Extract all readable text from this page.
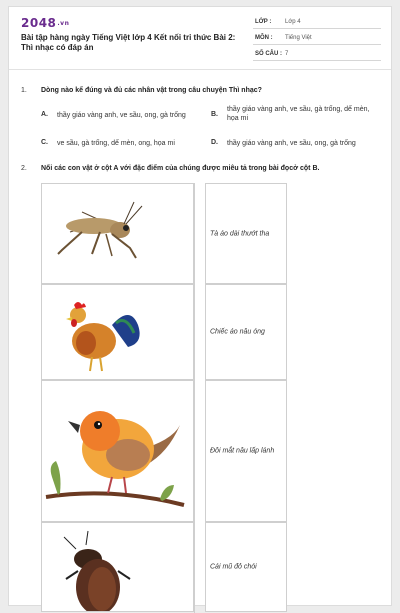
2048.vn
Bài tập hàng ngày Tiếng Việt lớp 4 Kết nối tri thức Bài 2: Thì nhạc có đáp án
LỚP : Lớp 4
MÔN : Tiếng Việt
SỐ CÂU : 7
1. Dòng nào kể đúng và đủ các nhân vật trong câu chuyện Thì nhạc?
A. thầy giáo vàng anh, ve sầu, ong, gà trống	B.
thầy giáo vàng anh, ve sầu, gà trống, dế mèn, họa mi
C. ve sầu, gà trống, dế mèn, ong, họa mi	D. thầy giáo vàng anh, ve sầu, ong, gà trống
2. Nối các con vật ở cột A với đặc điểm của chúng được miêu tả trong bài đọcở cột B.
Tà áo dài thướt tha
Chiếc áo nâu óng
Đôi mắt nâu lấp lánh
Cái mũ đỏ chói
